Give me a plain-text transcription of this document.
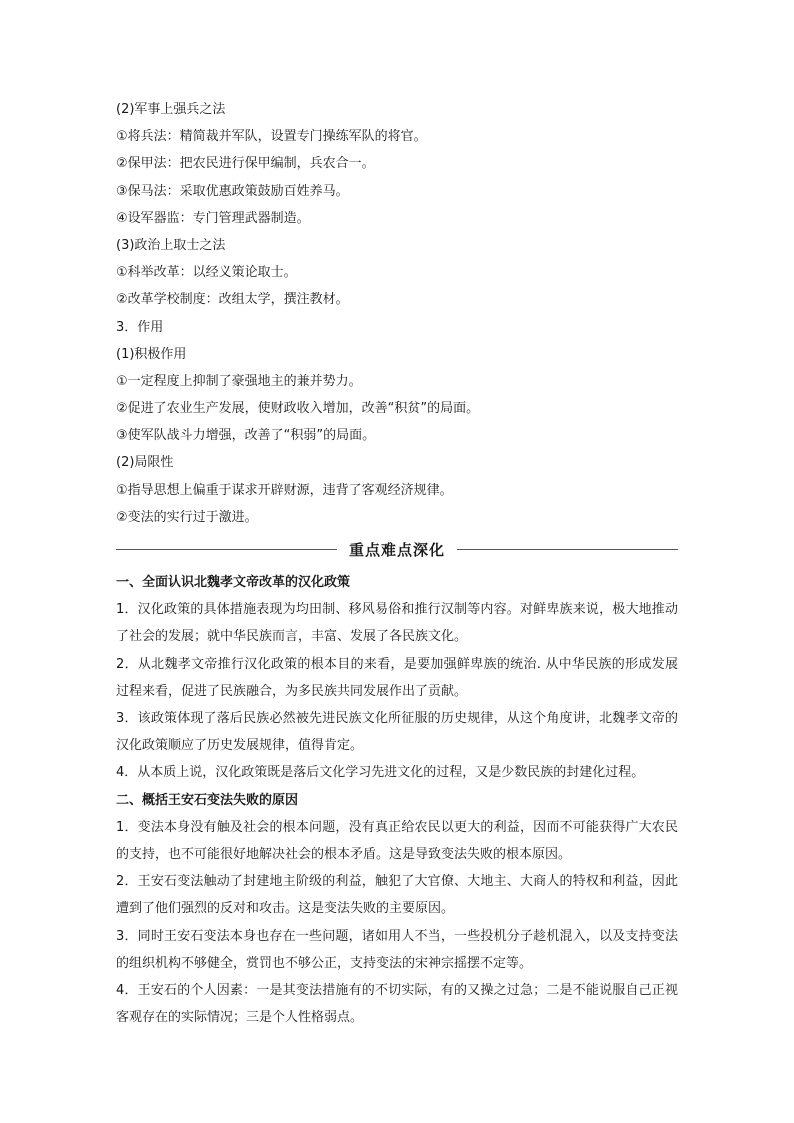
(2)军事上强兵之法
①将兵法：精简裁并军队，设置专门操练军队的将官。
②保甲法：把农民进行保甲编制，兵农合一。
③保马法：采取优惠政策鼓励百姓养马。
④设军器监：专门管理武器制造。
(3)政治上取士之法
①科举改革：以经义策论取士。
②改革学校制度：改组太学，撰注教材。
3．作用
(1)积极作用
①一定程度上抑制了豪强地主的兼并势力。
②促进了农业生产发展，使财政收入增加，改善“积贫”的局面。
③使军队战斗力增强，改善了“积弱”的局面。
(2)局限性
①指导思想上偏重于谋求开辟财源，违背了客观经济规律。
②变法的实行过于激进。
重点难点深化
一、全面认识北魏孝文帝改革的汉化政策
1．汉化政策的具体措施表现为均田制、移风易俗和推行汉制等内容。对鲜卑族来说，极大地推动了社会的发展；就中华民族而言，丰富、发展了各民族文化。
2．从北魏孝文帝推行汉化政策的根本目的来看，是要加强鲜卑族的统治. 从中华民族的形成发展过程来看，促进了民族融合，为多民族共同发展作出了贡献。
3．该政策体现了落后民族必然被先进民族文化所征服的历史规律，从这个角度讲，北魏孝文帝的汉化政策顺应了历史发展规律，值得肯定。
4．从本质上说，汉化政策既是落后文化学习先进文化的过程，又是少数民族的封建化过程。
二、概括王安石变法失败的原因
1．变法本身没有触及社会的根本问题，没有真正给农民以更大的利益，因而不可能获得广大农民的支持，也不可能很好地解决社会的根本矛盾。这是导致变法失败的根本原因。
2．王安石变法触动了封建地主阶级的利益，触犯了大官僚、大地主、大商人的特权和利益，因此遭到了他们强烈的反对和攻击。这是变法失败的主要原因。
3．同时王安石变法本身也存在一些问题，诸如用人不当，一些投机分子趁机混入，以及支持变法的组织机构不够健全，赏罚也不够公正，支持变法的宋神宗摇摆不定等。
4．王安石的个人因素：一是其变法措施有的不切实际，有的又操之过急；二是不能说服自己正视客观存在的实际情况；三是个人性格弱点。
